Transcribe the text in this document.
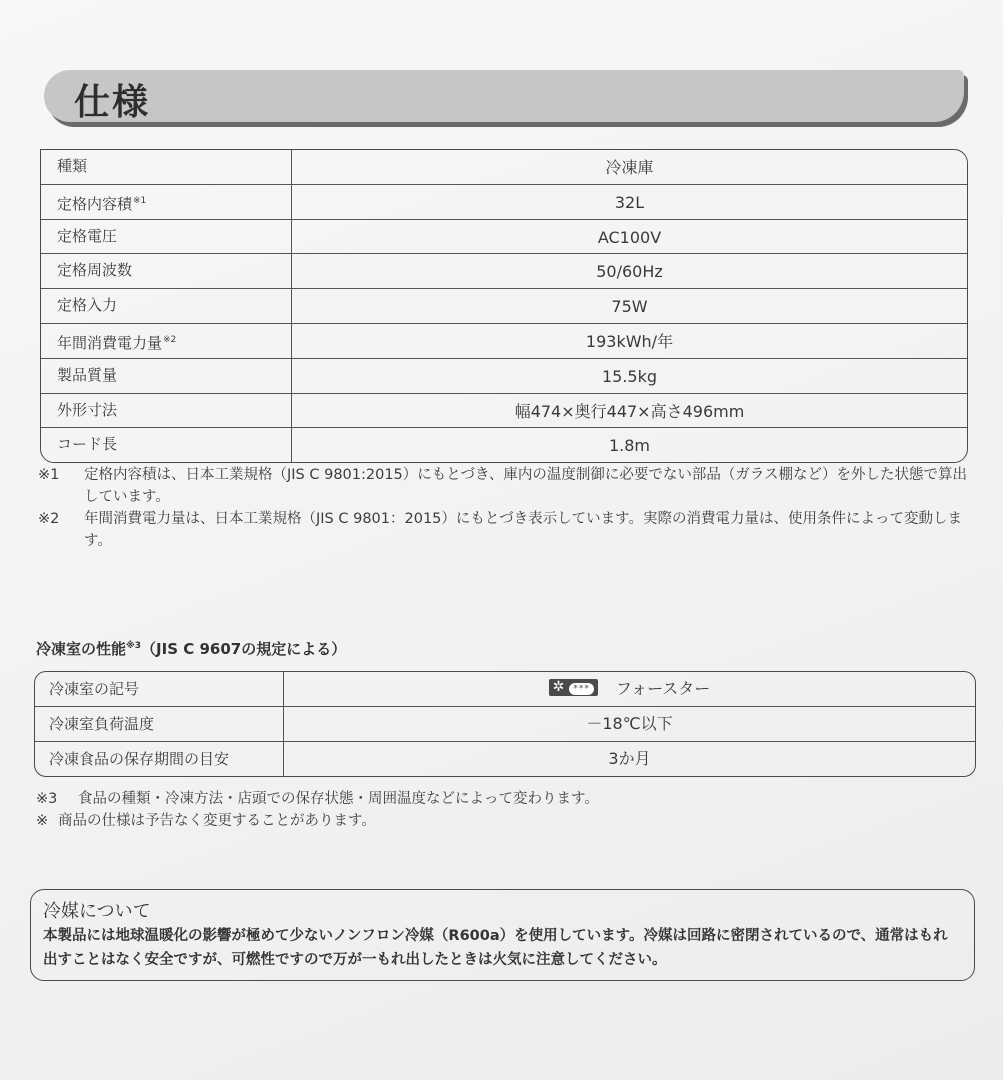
仕様
種類	冷凍庫
定格内容積$^{※1}$	32L
定格電圧	AC100V
定格周波数	50/60Hz
定格入力	75W
年間消費電力量$^{※2}$	193kWh/年
製品質量	15.5kg
外形寸法	幅474×奥行447×高さ496mm
コード長	1.8m
※1	定格内容積は、日本工業規格（JIS C 9801:2015）にもとづき、庫内の温度制御に必要でない部品（ガラス棚など）を外した状態で算出しています。
※2	年間消費電力量は、日本工業規格（JIS C 9801：2015）にもとづき表示しています。実際の消費電力量は、使用条件によって変動します。
冷凍室の性能$^{※3}$（JIS C 9607の規定による）
冷凍室の記号	✲ *** フォースター
冷凍室負荷温度	－18℃以下
冷凍食品の保存期間の目安	3か月
※3	食品の種類・冷凍方法・店頭での保存状態・周囲温度などによって変わります。
※ 商品の仕様は予告なく変更することがあります。
冷媒について
本製品には地球温暖化の影響が極めて少ないノンフロン冷媒（R600a）を使用しています。冷媒は回路に密閉されているので、通常はもれ出すことはなく安全ですが、可燃性ですので万が一もれ出したときは火気に注意してください。
